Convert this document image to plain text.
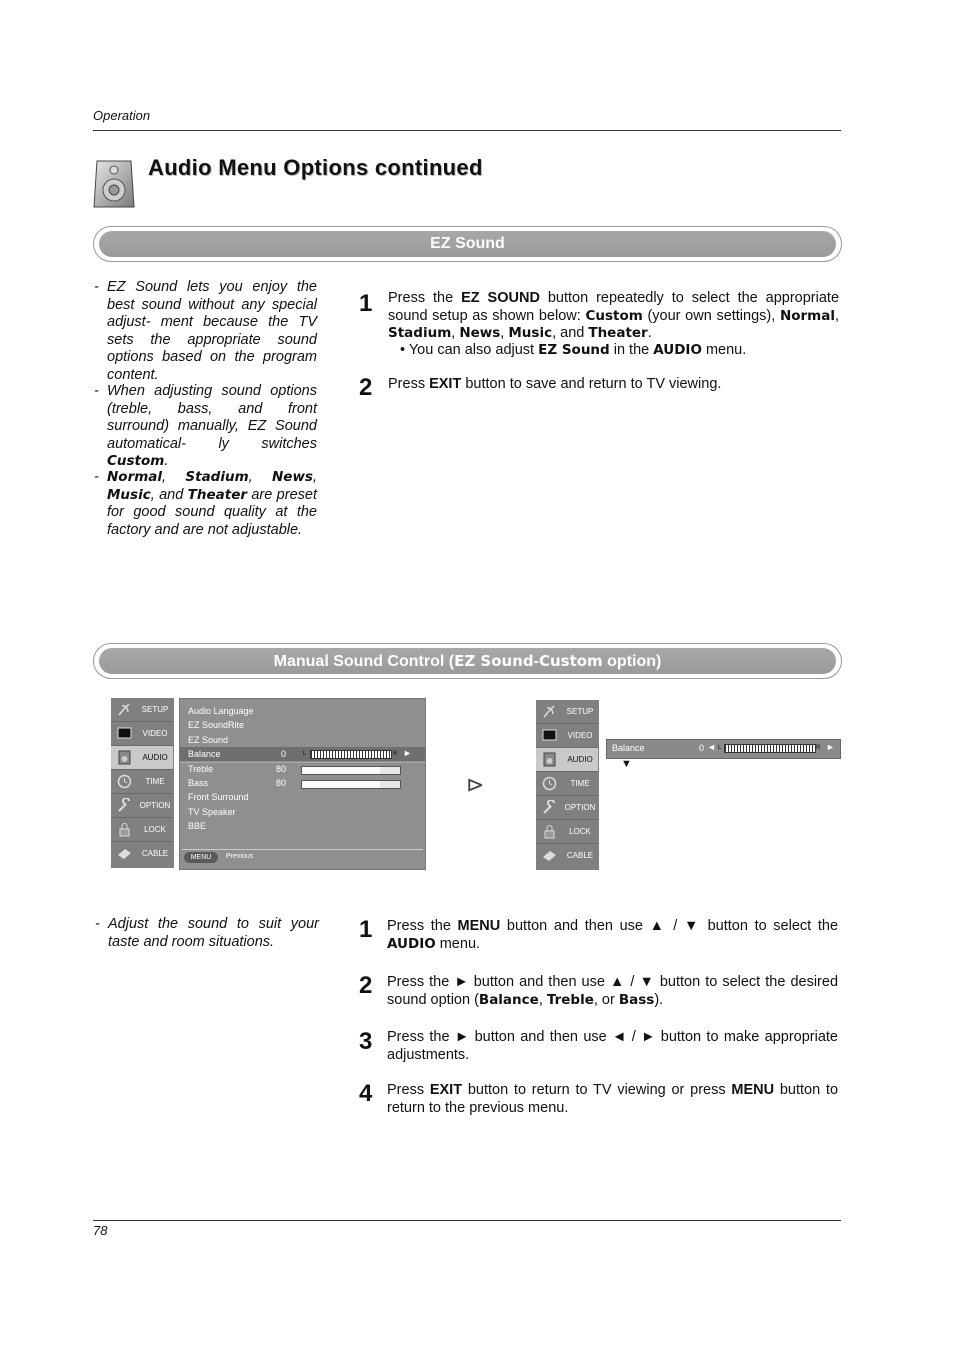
Operation
Audio Menu Options continued
EZ Sound
- EZ Sound lets you enjoy the best sound without any special adjust- ment because the TV sets the appropriate sound options based on the program content.
- When adjusting sound options (treble, bass, and front surround) manually, EZ Sound automatical- ly switches Custom.
- Normal, Stadium, News, Music, and Theater are preset for good sound quality at the factory and are not adjustable.
1 Press the EZ SOUND button repeatedly to select the appropriate sound setup as shown below: Custom (your own settings), Normal, Stadium, News, Music, and Theater.
• You can also adjust EZ Sound in the AUDIO menu.
2 Press EXIT button to save and return to TV viewing.
Manual Sound Control (EZ Sound-Custom option)
SETUP
VIDEO
AUDIO
TIME
OPTION
LOCK
CABLE
Audio Language
EZ SoundRite
EZ Sound
Balance	0	L	R ►
Treble	80
Bass	80
Front Surround
TV Speaker
BBE
MENU	Previous
⊳
SETUP
VIDEO
AUDIO
TIME
OPTION
LOCK
CABLE
Balance	0 ◄ L	R ►
▼
- Adjust the sound to suit your taste and room situations.	1 Press the MENU button and then use ▲ / ▼ button to select the AUDIO menu.
2 Press the ► button and then use ▲ / ▼ button to select the desired sound option (Balance, Treble, or Bass).
3 Press the ► button and then use ◄ / ► button to make appropriate adjustments.
4 Press EXIT button to return to TV viewing or press MENU button to return to the previous menu.
78
